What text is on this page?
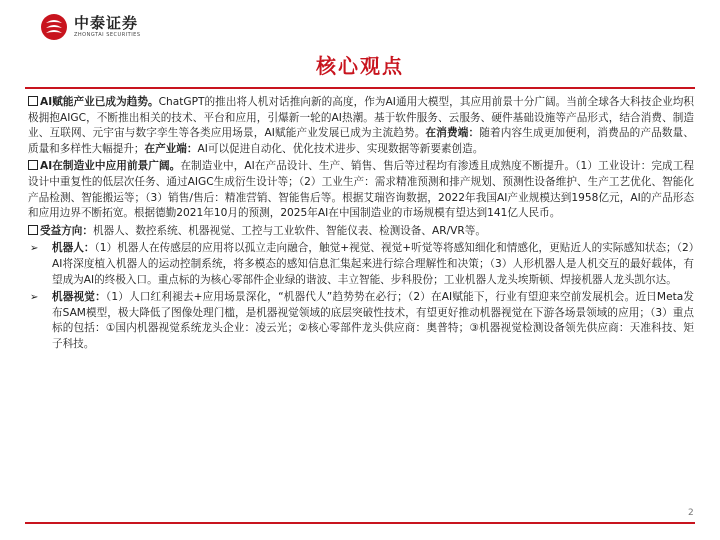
中泰证券
ZHONGTAI SECURITIES
核心观点

AI赋能产业已成为趋势。ChatGPT的推出将人机对话推向新的高度，作为AI通用大模型，其应用前景十分广阔。当前全球各大科技企业均积极拥抱AIGC，不断推出相关的技术、平台和应用，引爆新一轮的AI热潮。基于软件服务、云服务、硬件基础设施等产品形式，结合消费、制造业、互联网、元宇宙与数字孪生等各类应用场景，AI赋能产业发展已成为主流趋势。在消费端：随着内容生成更加便利，消费品的产品数量、质量和多样性大幅提升；在产业端：AI可以促进自动化、优化技术进步、实现数据等新要素创造。

AI在制造业中应用前景广阔。在制造业中，AI在产品设计、生产、销售、售后等过程均有渗透且成熟度不断提升。（1）工业设计：完成工程设计中重复性的低层次任务、通过AIGC生成衍生设计等；（2）工业生产：需求精准预测和排产规划、预测性设备维护、生产工艺优化、智能化产品检测、智能搬运等；（3）销售/售后：精准营销、智能售后等。根据艾瑞咨询数据，2022年我国AI产业规模达到1958亿元，AI的产品形态和应用边界不断拓宽。根据德勤2021年10月的预测，2025年AI在中国制造业的市场规模有望达到141亿人民币。

受益方向：机器人、数控系统、机器视觉、工控与工业软件、智能仪表、检测设备、AR/VR等。

➢	机器人：（1）机器人在传感层的应用将以孤立走向融合，触觉+视觉、视觉+听觉等将感知细化和情感化，更贴近人的实际感知状态；（2）AI将深度植入机器人的运动控制系统，将多模态的感知信息汇集起来进行综合理解性和决策；（3）人形机器人是人机交互的最好载体，有望成为AI的终极入口。重点标的为核心零部件企业绿的谐波、丰立智能、步科股份；工业机器人龙头埃斯顿、焊接机器人龙头凯尔达。
➢	机器视觉：（1）人口红利褪去+应用场景深化，“机器代人”趋势势在必行；（2）在AI赋能下，行业有望迎来空前发展机会。近日Meta发布SAM模型，极大降低了图像处理门槛，是机器视觉领域的底层突破性技术，有望更好推动机器视觉在下游各场景领域的应用；（3）重点标的包括：①国内机器视觉系统龙头企业：凌云光；②核心零部件龙头供应商：奥普特；③机器视觉检测设备领先供应商：天准科技、矩子科技。
2
